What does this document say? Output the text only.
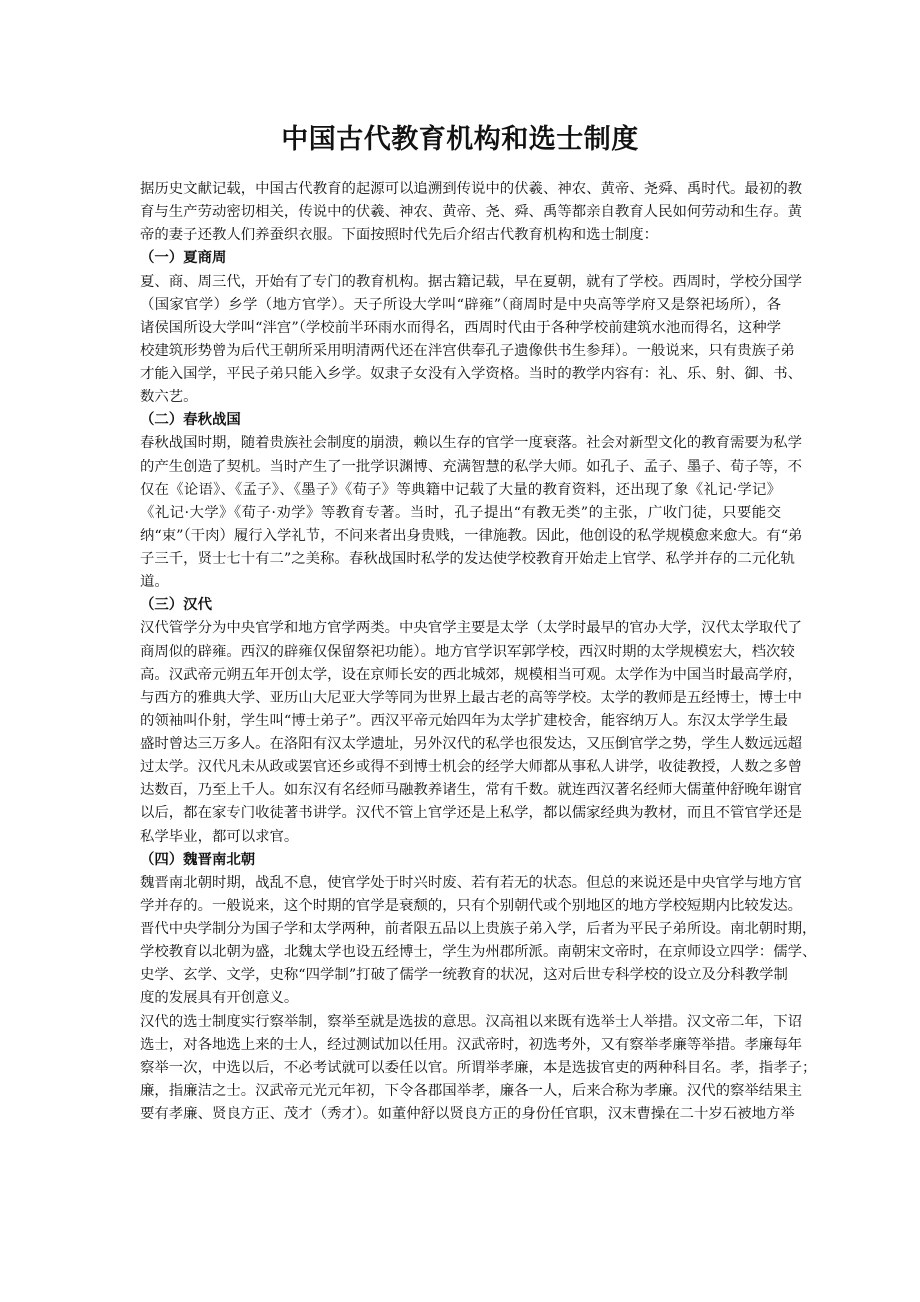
中国古代教育机构和选士制度
据历史文献记载，中国古代教育的起源可以追溯到传说中的伏羲、神农、黄帝、尧舜、禹时代。最初的教
育与生产劳动密切相关，传说中的伏羲、神农、黄帝、尧、舜、禹等都亲自教育人民如何劳动和生存。黄
帝的妻子还教人们养蚕织衣服。下面按照时代先后介绍古代教育机构和选士制度：
（一）夏商周
夏、商、周三代，开始有了专门的教育机构。据古籍记载，早在夏朝，就有了学校。西周时，学校分国学
（国家官学）乡学（地方官学）。天子所设大学叫“辟雍”（商周时是中央高等学府又是祭祀场所），各
诸侯国所设大学叫“泮宫”（学校前半环雨水而得名，西周时代由于各种学校前建筑水池而得名，这种学
校建筑形势曾为后代王朝所采用明清两代还在泮宫供奉孔子遗像供书生参拜）。一般说来，只有贵族子弟
才能入国学，平民子弟只能入乡学。奴隶子女没有入学资格。当时的教学内容有：礼、乐、射、御、书、
数六艺。
（二）春秋战国
春秋战国时期，随着贵族社会制度的崩溃，赖以生存的官学一度衰落。社会对新型文化的教育需要为私学
的产生创造了契机。当时产生了一批学识渊博、充满智慧的私学大师。如孔子、孟子、墨子、荀子等，不
仅在《论语》、《孟子》、《墨子》《荀子》等典籍中记载了大量的教育资料，还出现了象《礼记·学记》
《礼记·大学》《荀子·劝学》等教育专著。当时，孔子提出“有教无类”的主张，广收门徒，只要能交
纳“束”（干肉）履行入学礼节，不问来者出身贵贱，一律施教。因此，他创设的私学规模愈来愈大。有“弟
子三千，贤士七十有二”之美称。春秋战国时私学的发达使学校教育开始走上官学、私学并存的二元化轨
道。
（三）汉代
汉代管学分为中央官学和地方官学两类。中央官学主要是太学（太学时最早的官办大学，汉代太学取代了
商周似的辟雍。西汉的辟雍仅保留祭祀功能）。地方官学识军郭学校，西汉时期的太学规模宏大，档次较
高。汉武帝元朔五年开创太学，设在京师长安的西北城郊，规模相当可观。太学作为中国当时最高学府，
与西方的雅典大学、亚历山大尼亚大学等同为世界上最古老的高等学校。太学的教师是五经博士，博士中
的领袖叫仆射，学生叫“博士弟子”。西汉平帝元始四年为太学扩建校舍，能容纳万人。东汉太学学生最
盛时曾达三万多人。在洛阳有汉太学遗址，另外汉代的私学也很发达，又压倒官学之势，学生人数远远超
过太学。汉代凡未从政或罢官还乡或得不到博士机会的经学大师都从事私人讲学，收徒教授，人数之多曾
达数百，乃至上千人。如东汉有名经师马融教养诸生，常有千数。就连西汉著名经师大儒董仲舒晚年谢官
以后，都在家专门收徒著书讲学。汉代不管上官学还是上私学，都以儒家经典为教材，而且不管官学还是
私学毕业，都可以求官。
（四）魏晋南北朝
魏晋南北朝时期，战乱不息，使官学处于时兴时废、若有若无的状态。但总的来说还是中央官学与地方官
学并存的。一般说来，这个时期的官学是衰颓的，只有个别朝代或个别地区的地方学校短期内比较发达。
晋代中央学制分为国子学和太学两种，前者限五品以上贵族子弟入学，后者为平民子弟所设。南北朝时期，
学校教育以北朝为盛，北魏太学也设五经博士，学生为州郡所派。南朝宋文帝时，在京师设立四学：儒学、
史学、玄学、文学，史称“四学制”打破了儒学一统教育的状况，这对后世专科学校的设立及分科教学制
度的发展具有开创意义。
汉代的选士制度实行察举制，察举至就是选拔的意思。汉高祖以来既有选举士人举措。汉文帝二年，下诏
选士，对各地选上来的士人，经过测试加以任用。汉武帝时，初选考外，又有察举孝廉等举措。孝廉每年
察举一次，中选以后，不必考试就可以委任以官。所谓举孝廉，本是选拔官吏的两种科目名。孝，指孝子；
廉，指廉洁之士。汉武帝元光元年初，下令各郡国举孝，廉各一人，后来合称为孝廉。汉代的察举结果主
要有孝廉、贤良方正、茂才（秀才）。如董仲舒以贤良方正的身份任官职，汉末曹操在二十岁石被地方举
